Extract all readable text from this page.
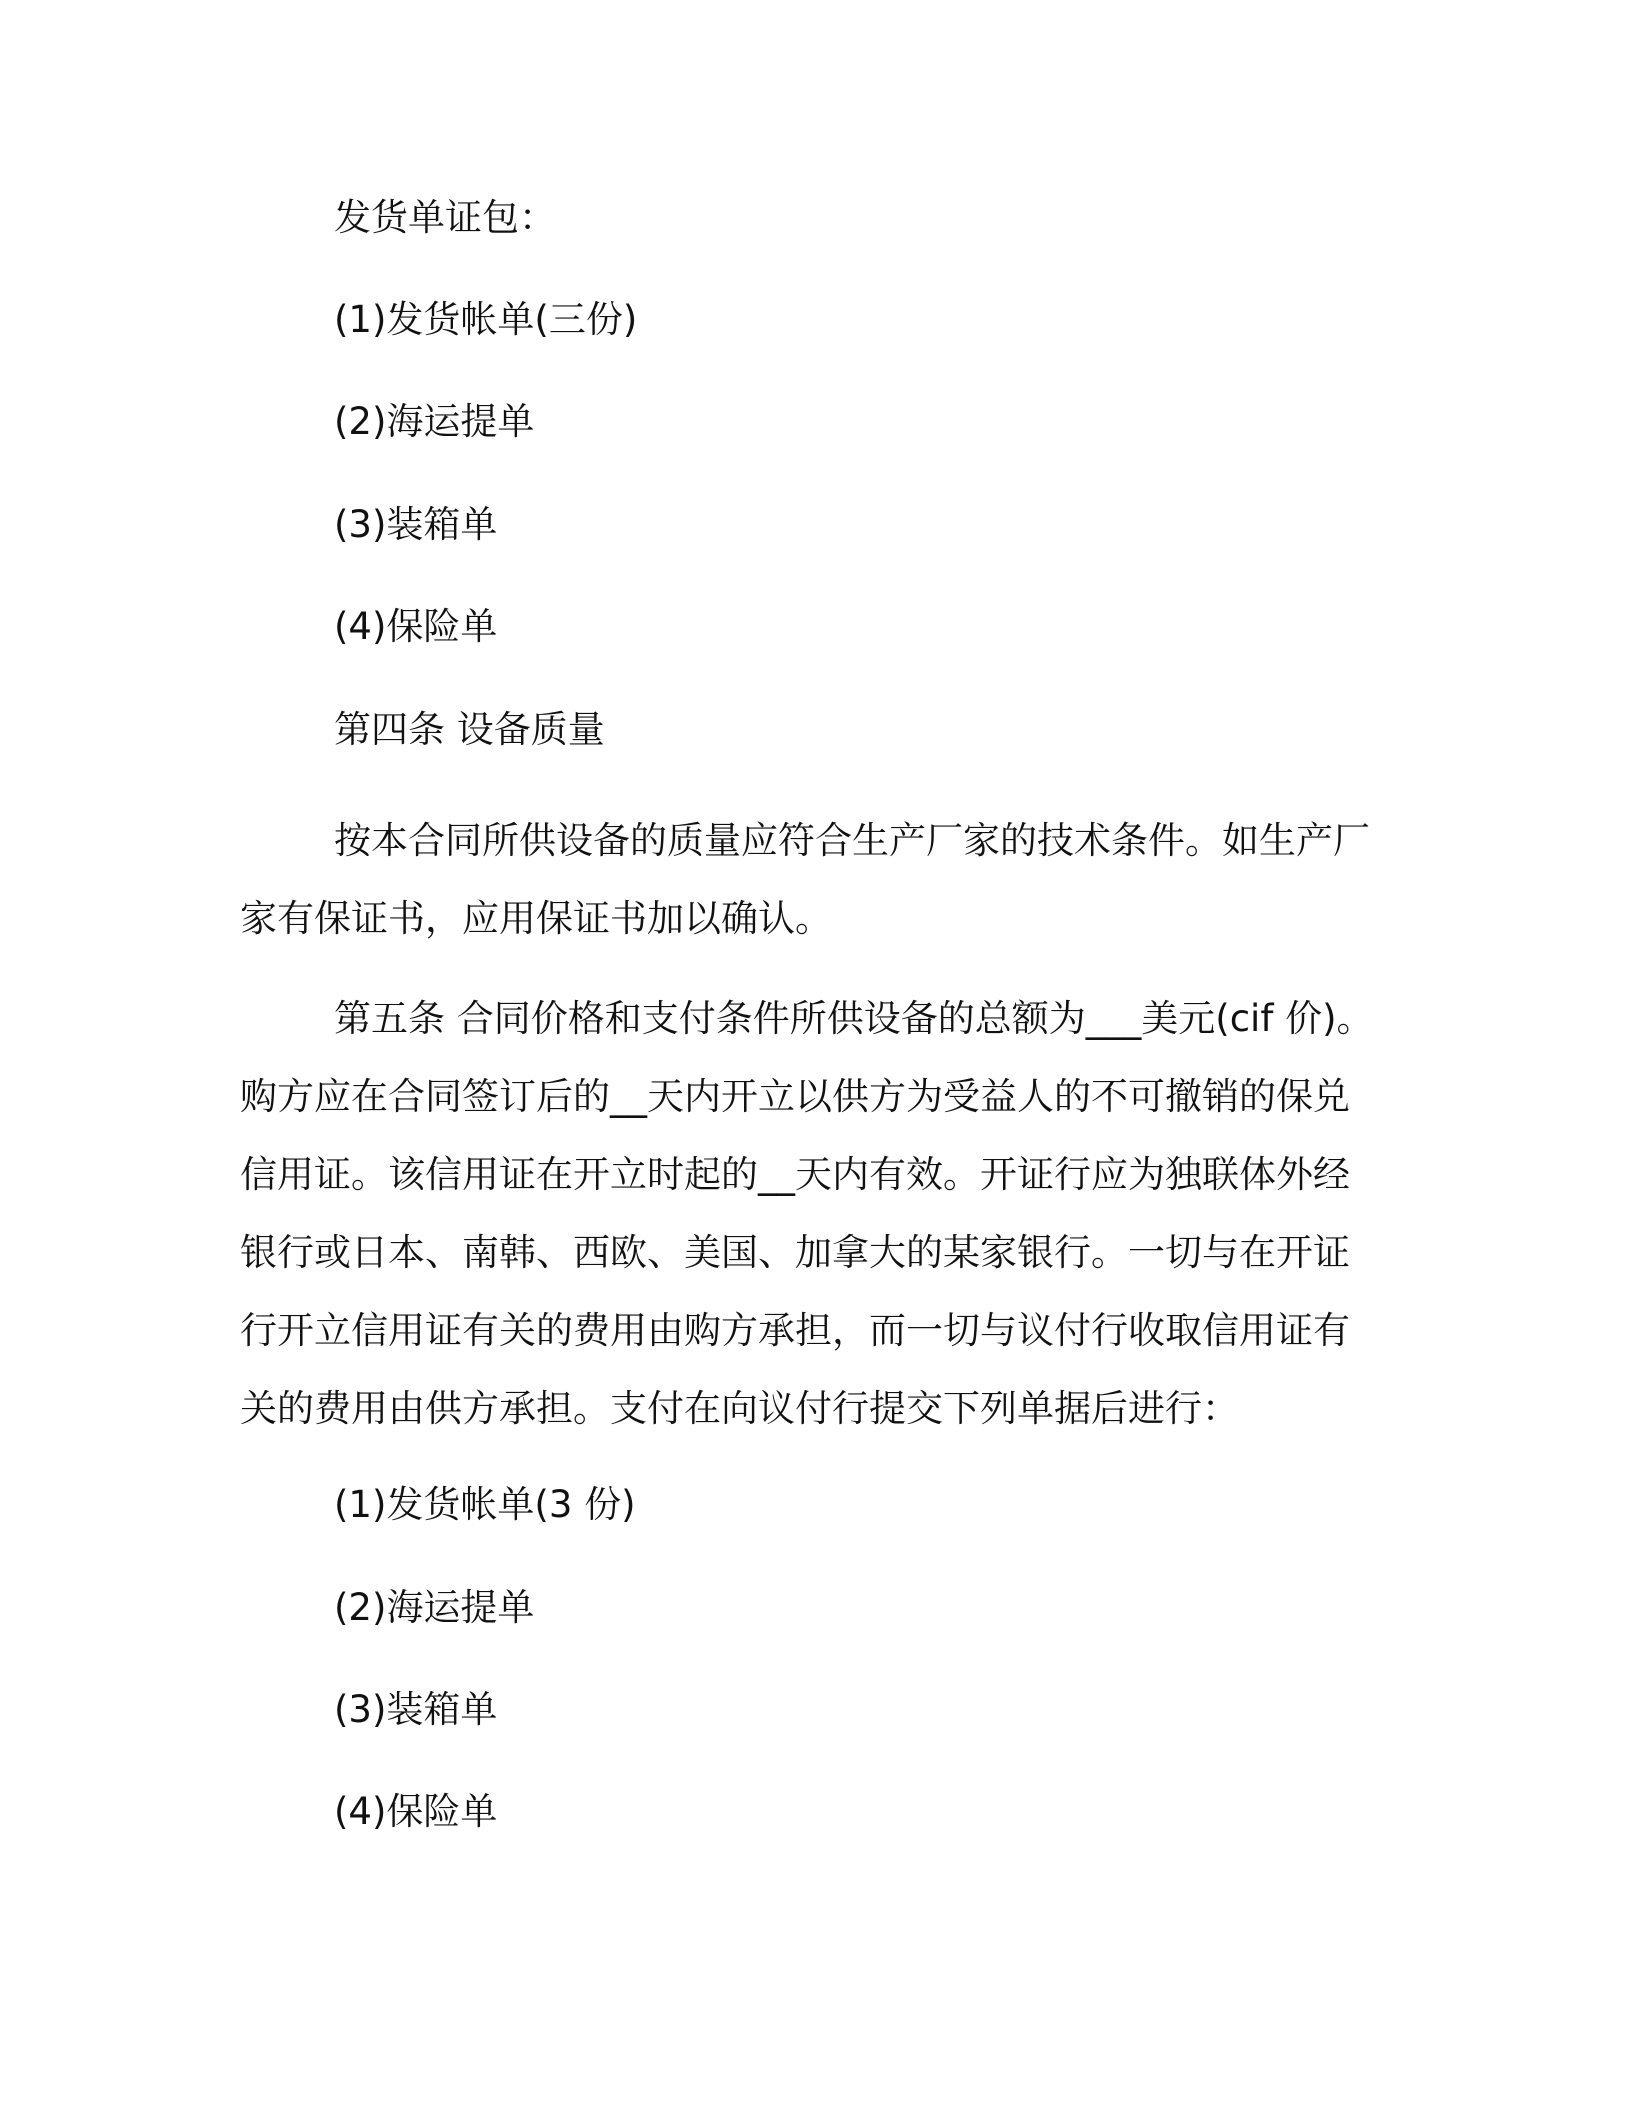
发货单证包：

(1)发货帐单(三份)

(2)海运提单

(3)装箱单

(4)保险单

第四条 设备质量

按本合同所供设备的质量应符合生产厂家的技术条件。如生产厂
家有保证书，应用保证书加以确认。
第五条 合同价格和支付条件所供设备的总额为___美元(cif 价)。
购方应在合同签订后的__天内开立以供方为受益人的不可撤销的保兑
信用证。该信用证在开立时起的__天内有效。开证行应为独联体外经
银行或日本、南韩、西欧、美国、加拿大的某家银行。一切与在开证
行开立信用证有关的费用由购方承担，而一切与议付行收取信用证有
关的费用由供方承担。支付在向议付行提交下列单据后进行：

(1)发货帐单(3 份)

(2)海运提单

(3)装箱单

(4)保险单
